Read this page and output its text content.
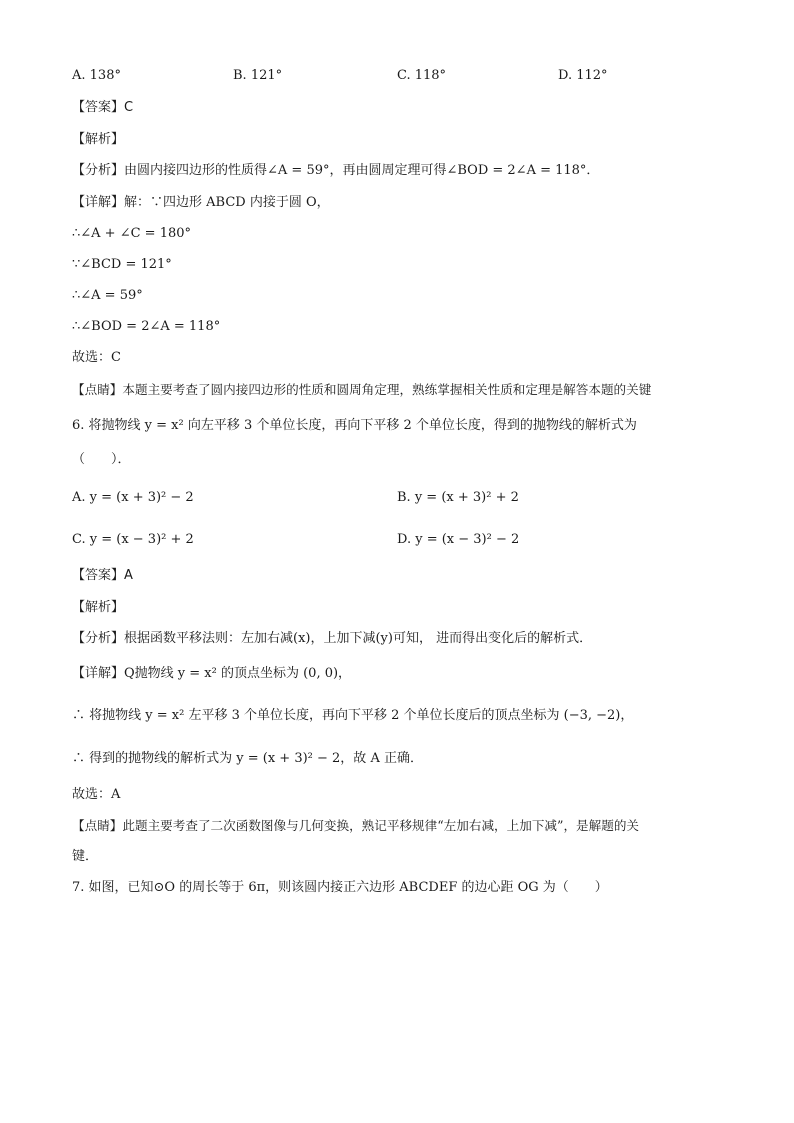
A. 138°	B. 121°	C. 118°	D. 112°
【答案】C
【解析】
【分析】由圆内接四边形的性质得∠A = 59°，再由圆周定理可得∠BOD = 2∠A = 118°．
【详解】解：∵四边形 ABCD 内接于圆 O，
∴∠A + ∠C = 180°
∵∠BCD = 121°
∴∠A = 59°
∴∠BOD = 2∠A = 118°
故选：C
【点睛】本题主要考查了圆内接四边形的性质和圆周角定理，熟练掌握相关性质和定理是解答本题的关键
6. 将抛物线 y = x² 向左平移 3 个单位长度，再向下平移 2 个单位长度，得到的抛物线的解析式为
（　　）．
A. y = (x + 3)² − 2	B. y = (x + 3)² + 2
C. y = (x − 3)² + 2	D. y = (x − 3)² − 2
【答案】A
【解析】
【分析】根据函数平移法则：左加右减(x)，上加下减(y)可知， 进而得出变化后的解析式．
【详解】Q抛物线 y = x² 的顶点坐标为 (0, 0)，
∴ 将抛物线 y = x² 左平移 3 个单位长度，再向下平移 2 个单位长度后的顶点坐标为 (−3, −2)，
∴ 得到的抛物线的解析式为 y = (x + 3)² − 2，故 A 正确．
故选：A
【点睛】此题主要考查了二次函数图像与几何变换，熟记平移规律“左加右减，上加下减”，是解题的关
键．
7. 如图，已知⊙O 的周长等于 6π，则该圆内接正六边形 ABCDEF 的边心距 OG 为（　　）
